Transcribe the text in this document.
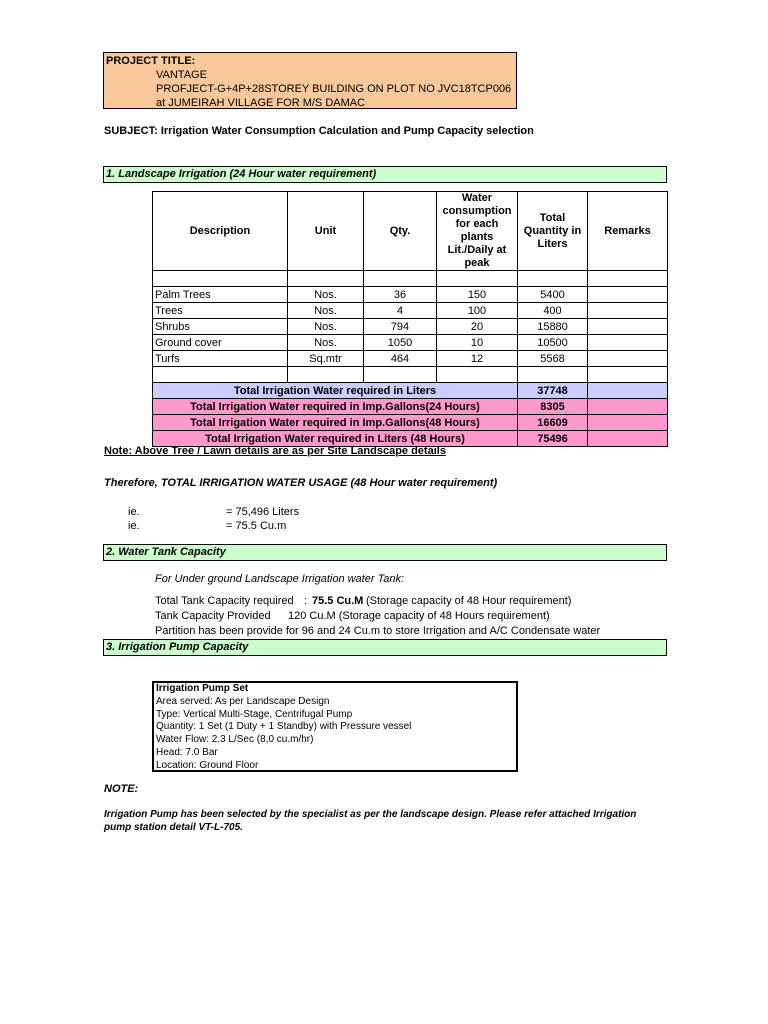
PROJECT TITLE:
VANTAGE
PROFJECT-G+4P+28STOREY BUILDING ON PLOT NO JVC18TCP006
at JUMEIRAH VILLAGE FOR M/S DAMAC
SUBJECT: Irrigation Water Consumption Calculation and Pump Capacity selection
1. Landscape Irrigation (24 Hour water requirement)
Description	Unit	Qty.	Water consumption for each plants Lit./Daily at peak	Total Quantity in Liters	Remarks

Palm Trees	Nos.	36	150	5400	
Trees	Nos.	4	100	400	
Shrubs	Nos.	794	20	15880	
Ground cover	Nos.	1050	10	10500	
Turfs	Sq.mtr	464	12	5568	

Total Irrigation Water required in Liters				37748	
Total Irrigation Water required in Imp.Gallons(24 Hours)				8305	
Total Irrigation Water required in Imp.Gallons(48 Hours)				16609	
Total Irrigation Water required in Liters (48 Hours)				75496	
Note: Above Tree / Lawn details are as per Site Landscape details
Therefore, TOTAL IRRIGATION WATER USAGE (48 Hour water requirement)
ie.	= 75,496 Liters
ie.	= 75.5 Cu.m
2. Water Tank Capacity
For Under ground Landscape Irrigation water Tank:
Total Tank Capacity required : 75.5 Cu.M (Storage capacity of 48 Hour requirement)
Tank Capacity Provided 120 Cu.M (Storage capacity of 48 Hours requirement)
Partition has been provide for 96 and 24 Cu.m to store Irrigation and A/C Condensate water
3. Irrigation Pump Capacity
Irrigation Pump Set
Area served: As per Landscape Design
Type: Vertical Multi-Stage, Centrifugal Pump
Quantity: 1 Set (1 Duty + 1 Standby) with Pressure vessel
Water Flow: 2.3 L/Sec (8,0 cu.m/hr)
Head: 7.0 Bar
Location: Ground Floor
NOTE:
Irrigation Pump has been selected by the specialist as per the landscape design. Please refer attached Irrigation
pump station detail VT-L-705.
